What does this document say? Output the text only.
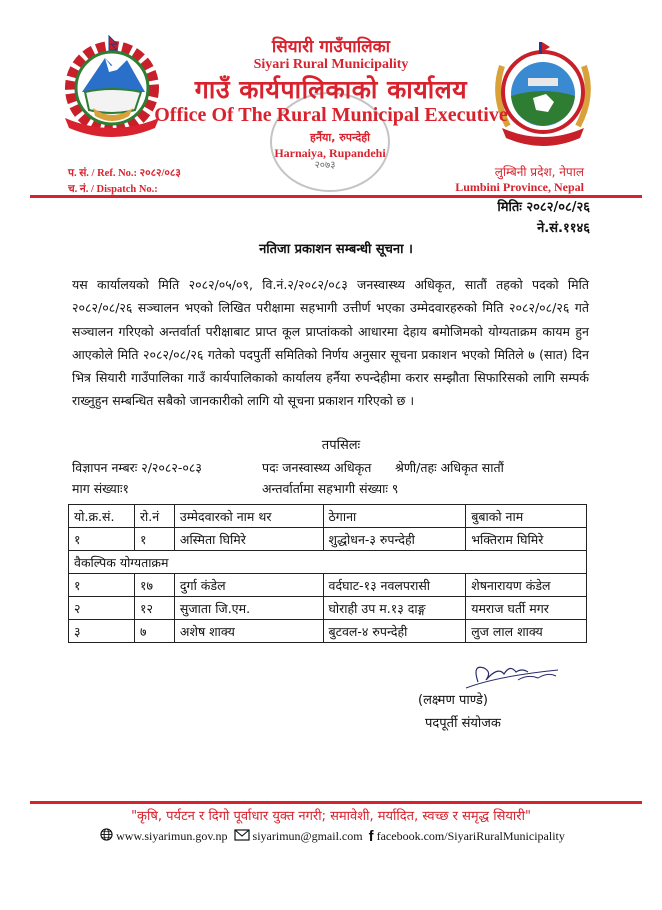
सियारी गाउँपालिका
Siyari Rural Municipality
गाउँ कार्यपालिकाको कार्यालय
Office Of The Rural Municipal Executive
हर्नैया, रुपन्देही
Harnaiya, Rupandehi
२०७३
प. सं. / Ref. No.: २०८२/०८३
च. नं. / Dispatch No.:
लुम्बिनी प्रदेश, नेपाल
Lumbini Province, Nepal
मितिः २०८२/०८/२६
ने.सं.११४६
नतिजा प्रकाशन सम्बन्धी सूचना ।
यस कार्यालयको मिति २०८२/०५/०९, वि.नं.२/२०८२/०८३ जनस्वास्थ्य अधिकृत, सातौं तहको पदको मिति २०८२/०८/२६ सञ्चालन भएको लिखित परीक्षामा सहभागी उत्तीर्ण भएका उम्मेदवारहरुको मिति २०८२/०८/२६ गते सञ्चालन गरिएको अन्तर्वार्ता परीक्षाबाट प्राप्त कूल प्राप्तांकको आधारमा देहाय बमोजिमको योग्यताक्रम कायम हुन आएकोले मिति २०८२/०८/२६ गतेको पदपुर्ती समितिको निर्णय अनुसार सूचना प्रकाशन भएको मितिले ७ (सात) दिन भित्र सियारी गाउँपालिका गाउँ कार्यपालिकाको कार्यालय हर्नैया रुपन्देहीमा करार सम्झौता सिफारिसको लागि सम्पर्क राख्नुहुन सम्बन्धित सबैको जानकारीको लागि यो सूचना प्रकाशन गरिएको छ ।
तपसिलः
विज्ञापन नम्बरः २/२०८२-०८३	पदः जनस्वास्थ्य अधिकृत श्रेणी/तहः अधिकृत सातौं
माग संख्याः१	अन्तर्वार्तामा सहभागी संख्याः ९
यो.क्र.सं.	रो.नं	उम्मेदवारको नाम थर	ठेगाना	बुबाको नाम
१	१	अस्मिता घिमिरे	शुद्धोधन-३ रुपन्देही	भक्तिराम घिमिरे
वैकल्पिक योग्यताक्रम				
१	१७	दुर्गा कंडेल	वर्दघाट-१३ नवलपरासी	शेषनारायण कंडेल
२	१२	सुजाता जि.एम.	घोराही उप म.१३ दाङ्ग	यमराज घर्ती मगर
३	७	अशेष शाक्य	बुटवल-४ रुपन्देही	लुज लाल शाक्य
(लक्ष्मण पाण्डे)
पदपूर्ती संयोजक
"कृषि, पर्यटन र दिगो पूर्वाधार युक्त नगरी; समावेशी, मर्यादित, स्वच्छ र समृद्ध सियारी"
www.siyarimun.gov.np siyarimun@gmail.com f facebook.com/SiyariRuralMunicipality
